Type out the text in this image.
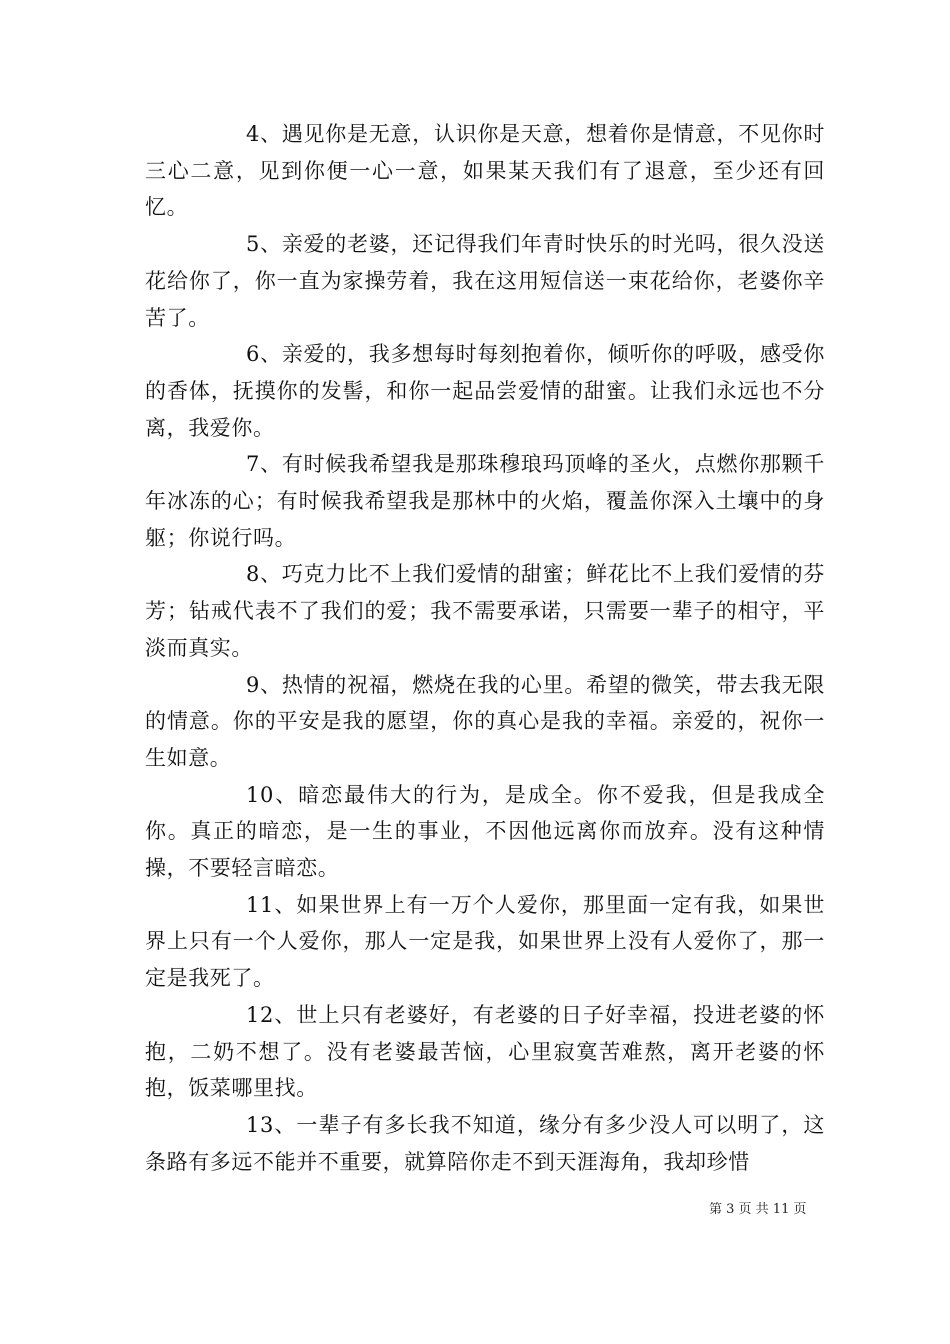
4、遇见你是无意，认识你是天意，想着你是情意，不见你时三心二意，见到你便一心一意，如果某天我们有了退意，至少还有回忆。

5、亲爱的老婆，还记得我们年青时快乐的时光吗，很久没送花给你了，你一直为家操劳着，我在这用短信送一束花给你，老婆你辛苦了。

6、亲爱的，我多想每时每刻抱着你，倾听你的呼吸，感受你的香体，抚摸你的发髻，和你一起品尝爱情的甜蜜。让我们永远也不分离，我爱你。

7、有时候我希望我是那珠穆琅玛顶峰的圣火，点燃你那颗千年冰冻的心；有时候我希望我是那林中的火焰，覆盖你深入土壤中的身躯；你说行吗。

8、巧克力比不上我们爱情的甜蜜；鲜花比不上我们爱情的芬芳；钻戒代表不了我们的爱；我不需要承诺，只需要一辈子的相守，平淡而真实。

9、热情的祝福，燃烧在我的心里。希望的微笑，带去我无限的情意。你的平安是我的愿望，你的真心是我的幸福。亲爱的，祝你一生如意。

10、暗恋最伟大的行为，是成全。你不爱我，但是我成全你。真正的暗恋，是一生的事业，不因他远离你而放弃。没有这种情操，不要轻言暗恋。

11、如果世界上有一万个人爱你，那里面一定有我，如果世界上只有一个人爱你，那人一定是我，如果世界上没有人爱你了，那一定是我死了。

12、世上只有老婆好，有老婆的日子好幸福，投进老婆的怀抱，二奶不想了。没有老婆最苦恼，心里寂寞苦难熬，离开老婆的怀抱，饭菜哪里找。

13、一辈子有多长我不知道，缘分有多少没人可以明了，这条路有多远不能并不重要，就算陪你走不到天涯海角，我却珍惜

第 3 页 共 11 页
